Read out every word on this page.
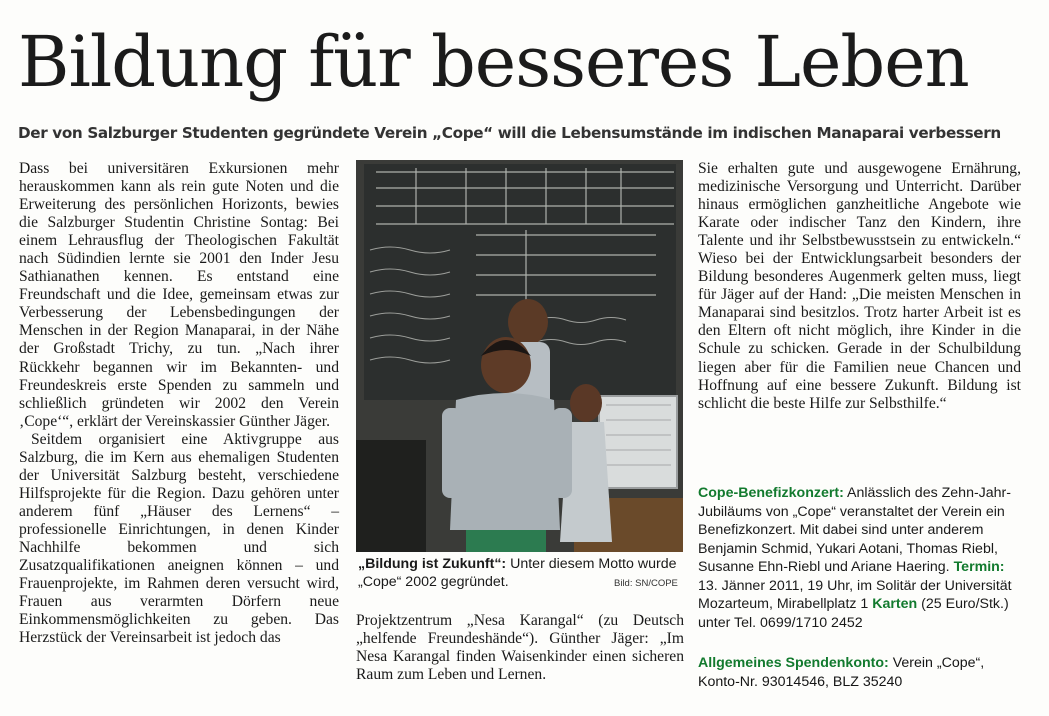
Bildung für besseres Leben
Der von Salzburger Studenten gegründete Verein „Cope“ will die Lebensumstände im indischen Manaparai verbessern

Dass bei universitären Exkursionen mehr herauskommen kann als rein gute Noten und die Erweiterung des persönlichen Horizonts, bewies die Salzburger Studentin Christine Sontag: Bei einem Lehrausflug der Theologischen Fakultät nach Südindien lernte sie 2001 den Inder Jesu Sathianathen kennen. Es entstand eine Freundschaft und die Idee, gemeinsam etwas zur Verbesserung der Lebensbedingungen der Menschen in der Region Manaparai, in der Nähe der Großstadt Trichy, zu tun. „Nach ihrer Rückkehr begannen wir im Bekannten- und Freundeskreis erste Spenden zu sammeln und schließlich gründeten wir 2002 den Verein ‚Cope‘“, erklärt der Vereinskassier Günther Jäger.

Seitdem organisiert eine Aktivgruppe aus Salzburg, die im Kern aus ehemaligen Studenten der Universität Salzburg besteht, verschiedene Hilfsprojekte für die Region. Dazu gehören unter anderem fünf „Häuser des Lernens“ – professionelle Einrichtungen, in denen Kinder Nachhilfe bekommen und sich Zusatzqualifikationen aneignen können – und Frauenprojekte, im Rahmen deren versucht wird, Frauen aus verarmten Dörfern neue Einkommensmöglichkeiten zu geben. Das Herzstück der Vereinsarbeit ist jedoch das

„Bildung ist Zukunft“: Unter diesem Motto wurde „Cope“ 2002 gegründet.	Bild: SN/COPE

Projektzentrum „Nesa Karangal“ (zu Deutsch „helfende Freundeshände“). Günther Jäger: „Im Nesa Karangal finden Waisenkinder einen sicheren Raum zum Leben und Lernen.

Sie erhalten gute und ausgewogene Ernährung, medizinische Versorgung und Unterricht. Darüber hinaus ermöglichen ganzheitliche Angebote wie Karate oder indischer Tanz den Kindern, ihre Talente und ihr Selbstbewusstsein zu entwickeln.“ Wieso bei der Entwicklungsarbeit besonders der Bildung besonderes Augenmerk gelten muss, liegt für Jäger auf der Hand: „Die meisten Menschen in Manaparai sind besitzlos. Trotz harter Arbeit ist es den Eltern oft nicht möglich, ihre Kinder in die Schule zu schicken. Gerade in der Schulbildung liegen aber für die Familien neue Chancen und Hoffnung auf eine bessere Zukunft. Bildung ist schlicht die beste Hilfe zur Selbsthilfe.“

Cope-Benefizkonzert: Anlässlich des Zehn-Jahr-Jubiläums von „Cope“ veranstaltet der Verein ein Benefizkonzert. Mit dabei sind unter anderem Benjamin Schmid, Yukari Aotani, Thomas Riebl, Susanne Ehn-Riebl und Ariane Haering. Termin: 13. Jänner 2011, 19 Uhr, im Solitär der Universität Mozarteum, Mirabellplatz 1 Karten (25 Euro/Stk.) unter Tel. 0699/1710 2452

Allgemeines Spendenkonto: Verein „Cope“, Konto-Nr. 93014546, BLZ 35240
